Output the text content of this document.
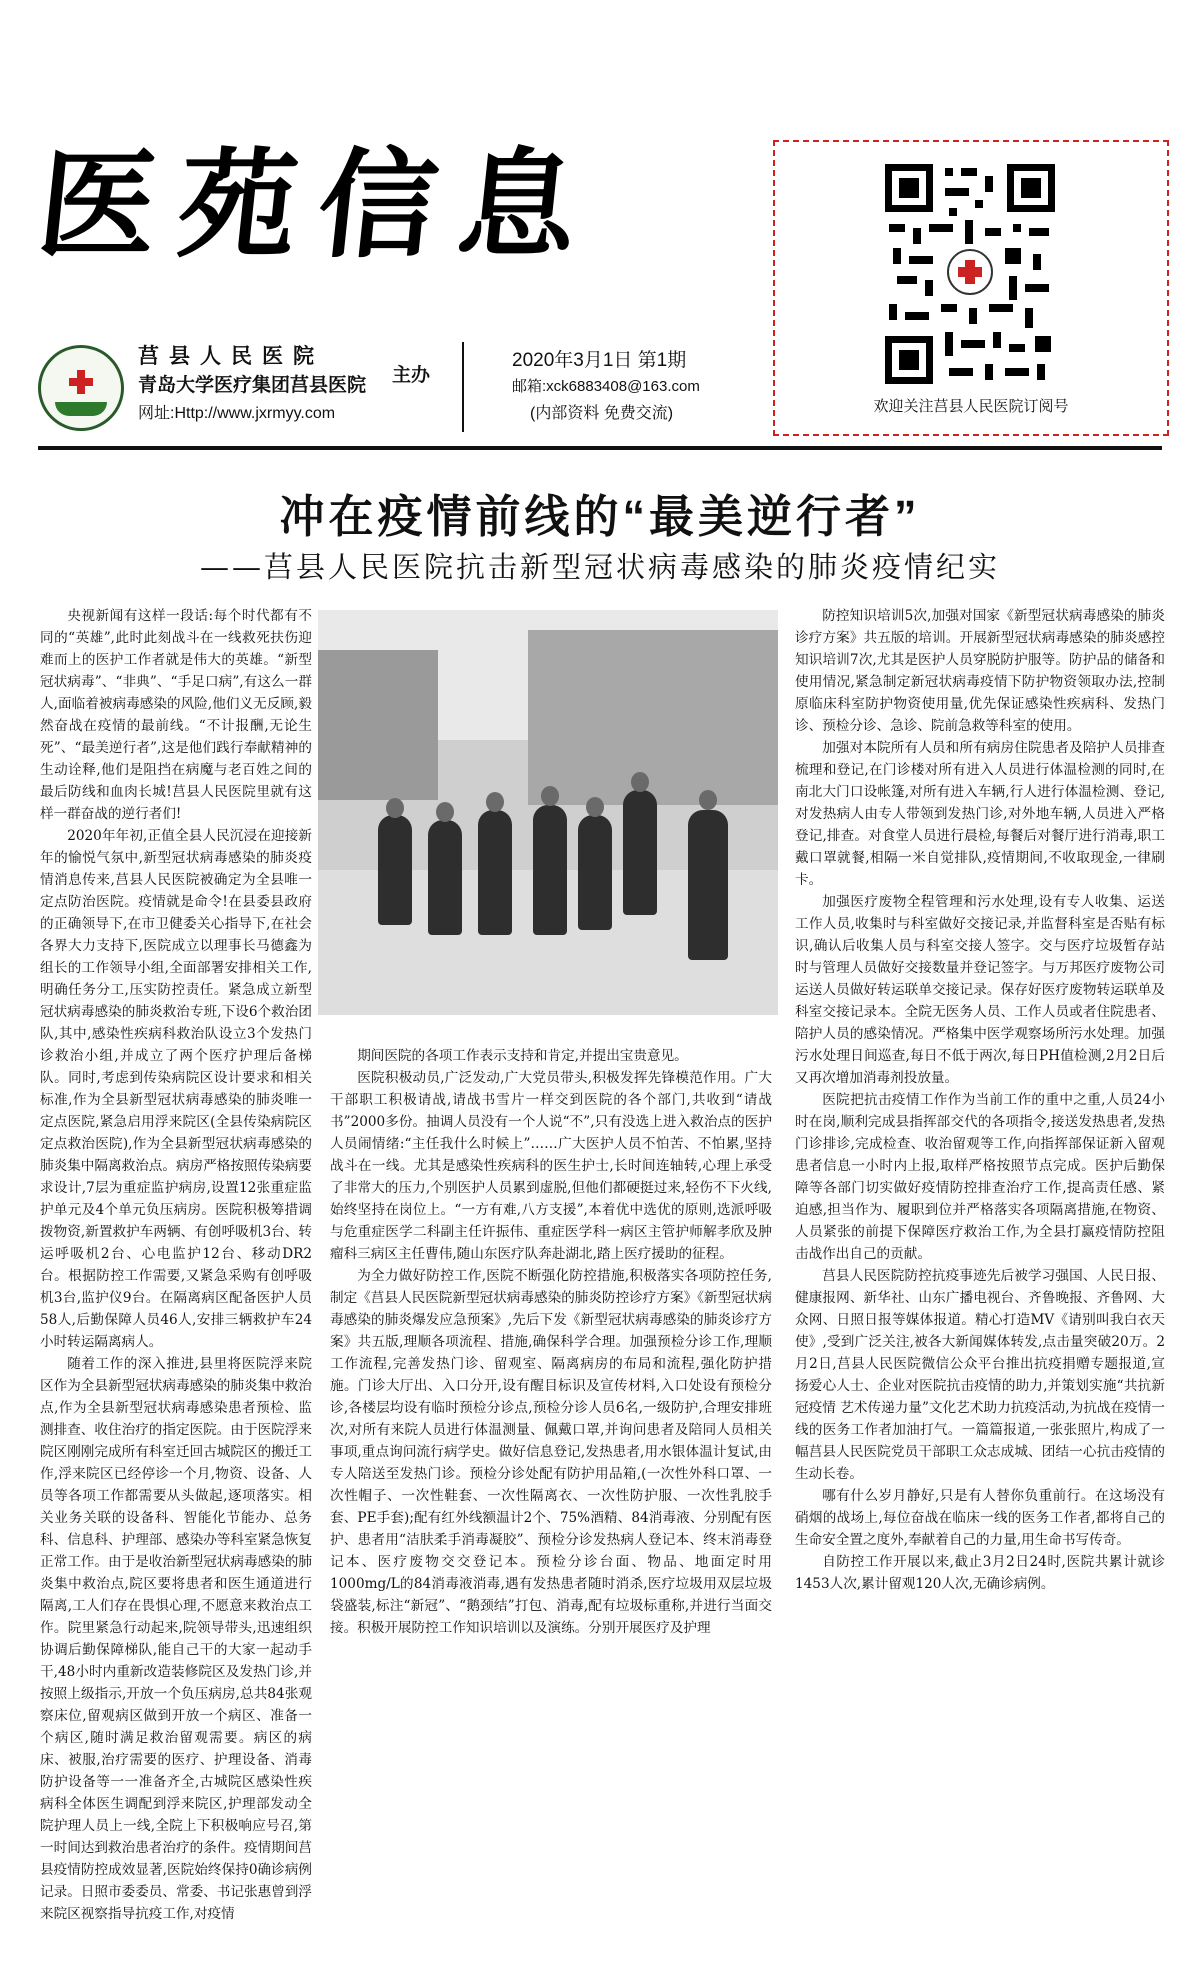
医苑信息
莒县人民医院
青岛大学医疗集团莒县医院
网址:Http://www.jxrmyy.com
主办
2020年3月1日 第1期
邮箱:xck6883408@163.com
(内部资料 免费交流)	欢迎关注莒县人民医院订阅号
冲在疫情前线的“最美逆行者”
——莒县人民医院抗击新型冠状病毒感染的肺炎疫情纪实

央视新闻有这样一段话:每个时代都有不同的“英雄”,此时此刻战斗在一线救死扶伤迎难而上的医护工作者就是伟大的英雄。“新型冠状病毒”、“非典”、“手足口病”,有这么一群人,面临着被病毒感染的风险,他们义无反顾,毅然奋战在疫情的最前线。“不计报酬,无论生死”、“最美逆行者”,这是他们践行奉献精神的生动诠释,他们是阻挡在病魔与老百姓之间的最后防线和血肉长城!莒县人民医院里就有这样一群奋战的逆行者们!

2020年年初,正值全县人民沉浸在迎接新年的愉悦气氛中,新型冠状病毒感染的肺炎疫情消息传来,莒县人民医院被确定为全县唯一定点防治医院。疫情就是命令!在县委县政府的正确领导下,在市卫健委关心指导下,在社会各界大力支持下,医院成立以理事长马德鑫为组长的工作领导小组,全面部署安排相关工作,明确任务分工,压实防控责任。紧急成立新型冠状病毒感染的肺炎救治专班,下设6个救治团队,其中,感染性疾病科救治队设立3个发热门诊救治小组,并成立了两个医疗护理后备梯队。同时,考虑到传染病院区设计要求和相关标准,作为全县新型冠状病毒感染的肺炎唯一定点医院,紧急启用浮来院区(全县传染病院区定点救治医院),作为全县新型冠状病毒感染的肺炎集中隔离救治点。病房严格按照传染病要求设计,7层为重症监护病房,设置12张重症监护单元及4个单元负压病房。医院积极筹措调拨物资,新置救护车两辆、有创呼吸机3台、转运呼吸机2台、心电监护12台、移动DR2台。根据防控工作需要,又紧急采购有创呼吸机3台,监护仪9台。在隔离病区配备医护人员58人,后勤保障人员46人,安排三辆救护车24小时转运隔离病人。

随着工作的深入推进,县里将医院浮来院区作为全县新型冠状病毒感染的肺炎集中救治点,作为全县新型冠状病毒感染患者预检、监测排查、收住治疗的指定医院。由于医院浮来院区刚刚完成所有科室迁回古城院区的搬迁工作,浮来院区已经停诊一个月,物资、设备、人员等各项工作都需要从头做起,逐项落实。相关业务关联的设备科、智能化节能办、总务科、信息科、护理部、感染办等科室紧急恢复正常工作。由于是收治新型冠状病毒感染的肺炎集中救治点,院区要将患者和医生通道进行隔离,工人们存在畏惧心理,不愿意来救治点工作。院里紧急行动起来,院领导带头,迅速组织协调后勤保障梯队,能自己干的大家一起动手干,48小时内重新改造装修院区及发热门诊,并按照上级指示,开放一个负压病房,总共84张观察床位,留观病区做到开放一个病区、准备一个病区,随时满足救治留观需要。病区的病床、被服,治疗需要的医疗、护理设备、消毒防护设备等一一准备齐全,古城院区感染性疾病科全体医生调配到浮来院区,护理部发动全院护理人员上一线,全院上下积极响应号召,第一时间达到救治患者治疗的条件。疫情期间莒县疫情防控成效显著,医院始终保持0确诊病例记录。日照市委委员、常委、书记张惠曾到浮来院区视察指导抗疫工作,对疫情

期间医院的各项工作表示支持和肯定,并提出宝贵意见。

医院积极动员,广泛发动,广大党员带头,积极发挥先锋模范作用。广大干部职工积极请战,请战书雪片一样交到医院的各个部门,共收到“请战书”2000多份。抽调人员没有一个人说“不”,只有没选上进入救治点的医护人员闹情绪:“主任我什么时候上”……广大医护人员不怕苦、不怕累,坚持战斗在一线。尤其是感染性疾病科的医生护士,长时间连轴转,心理上承受了非常大的压力,个别医护人员累到虚脱,但他们都硬挺过来,轻伤不下火线,始终坚持在岗位上。“一方有难,八方支援”,本着优中选优的原则,选派呼吸与危重症医学二科副主任许振伟、重症医学科一病区主管护师解孝欣及肿瘤科三病区主任曹伟,随山东医疗队奔赴湖北,踏上医疗援助的征程。

为全力做好防控工作,医院不断强化防控措施,积极落实各项防控任务,制定《莒县人民医院新型冠状病毒感染的肺炎防控诊疗方案》《新型冠状病毒感染的肺炎爆发应急预案》,先后下发《新型冠状病毒感染的肺炎诊疗方案》共五版,理顺各项流程、措施,确保科学合理。加强预检分诊工作,理顺工作流程,完善发热门诊、留观室、隔离病房的布局和流程,强化防护措施。门诊大厅出、入口分开,设有醒目标识及宣传材料,入口处设有预检分诊,各楼层均设有临时预检分诊点,预检分诊人员6名,一级防护,合理安排班次,对所有来院人员进行体温测量、佩戴口罩,并询问患者及陪同人员相关事项,重点询问流行病学史。做好信息登记,发热患者,用水银体温计复试,由专人陪送至发热门诊。预检分诊处配有防护用品箱,(一次性外科口罩、一次性帽子、一次性鞋套、一次性隔离衣、一次性防护服、一次性乳胶手套、PE手套);配有红外线额温计2个、75%酒精、84消毒液、分别配有医护、患者用“洁肤柔手消毒凝胶”、预检分诊发热病人登记本、终末消毒登记本、医疗废物交交登记本。预检分诊台面、物品、地面定时用1000mg/L的84消毒液消毒,遇有发热患者随时消杀,医疗垃圾用双层垃圾袋盛装,标注“新冠”、“鹅颈结”打包、消毒,配有垃圾标重称,并进行当面交接。积极开展防控工作知识培训以及演练。分别开展医疗及护理

防控知识培训5次,加强对国家《新型冠状病毒感染的肺炎诊疗方案》共五版的培训。开展新型冠状病毒感染的肺炎感控知识培训7次,尤其是医护人员穿脱防护服等。防护品的储备和使用情况,紧急制定新冠状病毒疫情下防护物资领取办法,控制原临床科室防护物资使用量,优先保证感染性疾病科、发热门诊、预检分诊、急诊、院前急救等科室的使用。

加强对本院所有人员和所有病房住院患者及陪护人员排查梳理和登记,在门诊楼对所有进入人员进行体温检测的同时,在南北大门口设帐篷,对所有进入车辆,行人进行体温检测、登记,对发热病人由专人带领到发热门诊,对外地车辆,人员进入严格登记,排查。对食堂人员进行晨检,每餐后对餐厅进行消毒,职工戴口罩就餐,相隔一米自觉排队,疫情期间,不收取现金,一律刷卡。

加强医疗废物全程管理和污水处理,设有专人收集、运送工作人员,收集时与科室做好交接记录,并监督科室是否贴有标识,确认后收集人员与科室交接人签字。交与医疗垃圾暂存站时与管理人员做好交接数量并登记签字。与万邦医疗废物公司运送人员做好转运联单交接记录。保存好医疗废物转运联单及科室交接记录本。全院无医务人员、工作人员或者住院患者、陪护人员的感染情况。严格集中医学观察场所污水处理。加强污水处理日间巡查,每日不低于两次,每日PH值检测,2月2日后又再次增加消毒剂投放量。

医院把抗击疫情工作作为当前工作的重中之重,人员24小时在岗,顺利完成县指挥部交代的各项指令,接送发热患者,发热门诊排诊,完成检查、收治留观等工作,向指挥部保证新入留观患者信息一小时内上报,取样严格按照节点完成。医护后勤保障等各部门切实做好疫情防控排查治疗工作,提高责任感、紧迫感,担当作为、履职到位并严格落实各项隔离措施,在物资、人员紧张的前提下保障医疗救治工作,为全县打赢疫情防控阻击战作出自己的贡献。

莒县人民医院防控抗疫事迹先后被学习强国、人民日报、健康报网、新华社、山东广播电视台、齐鲁晚报、齐鲁网、大众网、日照日报等媒体报道。精心打造MV《请别叫我白衣天使》,受到广泛关注,被各大新闻媒体转发,点击量突破20万。2月2日,莒县人民医院微信公众平台推出抗疫捐赠专题报道,宣扬爱心人士、企业对医院抗击疫情的助力,并策划实施“共抗新冠疫情 艺术传递力量”文化艺术助力抗疫活动,为抗战在疫情一线的医务工作者加油打气。一篇篇报道,一张张照片,构成了一幅莒县人民医院党员干部职工众志成城、团结一心抗击疫情的生动长卷。

哪有什么岁月静好,只是有人替你负重前行。在这场没有硝烟的战场上,每位奋战在临床一线的医务工作者,都将自己的生命安全置之度外,奉献着自己的力量,用生命书写传奇。

自防控工作开展以来,截止3月2日24时,医院共累计就诊1453人次,累计留观120人次,无确诊病例。
